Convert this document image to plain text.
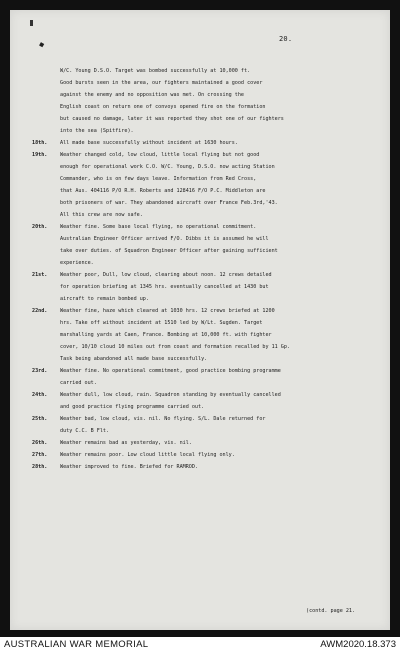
◆
20.
W/C. Young D.S.O. Target was bombed successfully at 10,000 ft.
Good bursts seen in the area, our fighters maintained a good cover
against the enemy and no opposition was met. On crossing the
English coast on return one of convoys opened fire on the formation
but caused no damage, later it was reported they shot one of our fighters
into the sea (Spitfire).
18th.	All made base successfully without incident at 1630 hours.
19th.	Weather changed cold, low cloud, little local flying but not good
enough for operational work C.O. W/C. Young, D.S.O. now acting Station
Commander, who is on few days leave. Information from Red Cross,
that Aus. 404116 P/O R.H. Roberts and 128416 F/O P.C. Middleton are
both prisoners of war. They abandoned aircraft over France Feb.3rd,'43.
All this crew are now safe.
20th.	Weather fine. Some base local flying, no operational commitment.
Australian Engineer Officer arrived F/O. Dibbs it is assumed he will
take over duties. of Squadron Engineer Officer after gaining sufficient
experience.
21st.	Weather poor, Dull, low cloud, clearing about noon. 12 crews detailed
for operation briefing at 1345 hrs. eventually cancelled at 1430 but
aircraft to remain bombed up.
22nd.	Weather fine, haze which cleared at 1030 hrs. 12 crews briefed at 1200
hrs. Take off without incident at 1510 led by W/Lt. Sugden. Target
marshalling yards at Caen, France. Bombing at 10,000 ft. with fighter
cover, 10/10 cloud 10 miles out from coast and formation recalled by 11 Gp.
Task being abandoned all made base successfully.
23rd.	Weather fine. No operational commitment, good practice bombing programme
carried out.
24th.	Weather dull, low cloud, rain. Squadron standing by eventually cancelled
and good practice flying programme carried out.
25th.	Weather bad, low cloud, vis. nil. No flying. S/L. Dale returned for
duty C.C. B Flt.
26th.	Weather remains bad as yesterday, vis. nil.
27th.	Weather remains poor. Low cloud little local flying only.
28th.	Weather improved to fine. Briefed for RAMROD.
(contd. page 21.
AUSTRALIAN WAR MEMORIAL	AWM2020.18.373
